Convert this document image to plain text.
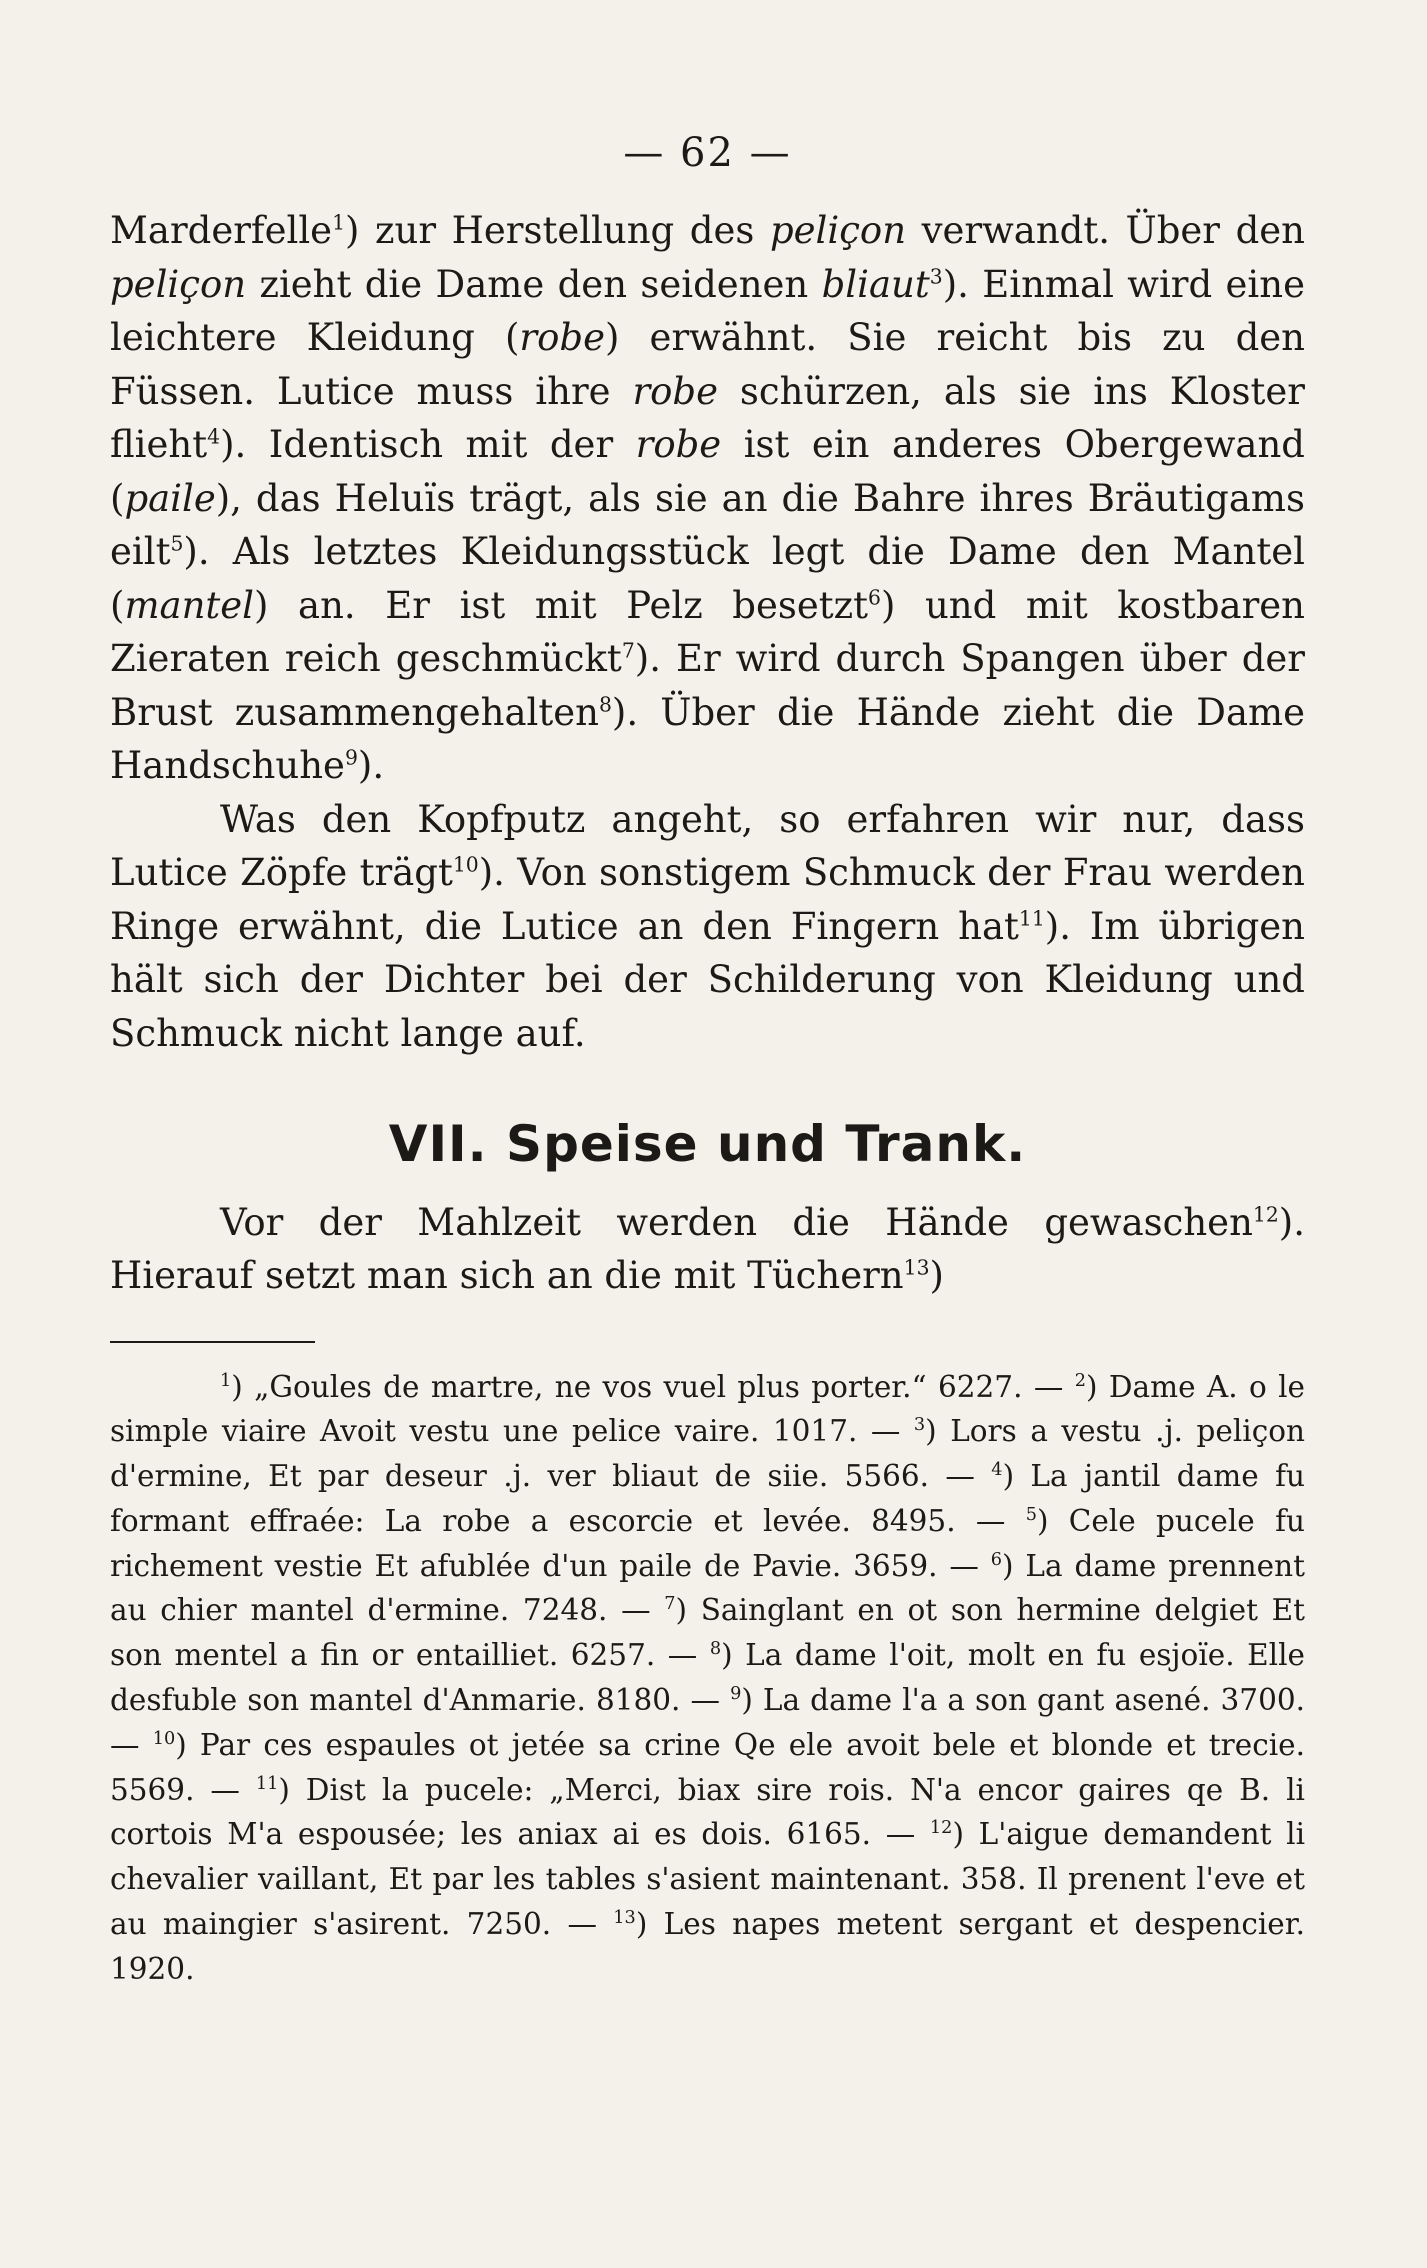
— 62 —

Marderfelle$^1$) zur Herstellung des peliçon verwandt. Über den peliçon zieht die Dame den seidenen bliaut$^3$). Einmal wird eine leichtere Kleidung (robe) erwähnt. Sie reicht bis zu den Füssen. Lutice muss ihre robe schürzen, als sie ins Kloster flieht$^4$). Identisch mit der robe ist ein anderes Obergewand (paile), das Heluïs trägt, als sie an die Bahre ihres Bräutigams eilt$^5$). Als letztes Kleidungsstück legt die Dame den Mantel (mantel) an. Er ist mit Pelz besetzt$^6$) und mit kostbaren Zieraten reich geschmückt$^7$). Er wird durch Spangen über der Brust zusammengehalten$^8$). Über die Hände zieht die Dame Handschuhe$^9$).

Was den Kopfputz angeht, so erfahren wir nur, dass Lutice Zöpfe trägt$^{10}$). Von sonstigem Schmuck der Frau werden Ringe erwähnt, die Lutice an den Fingern hat$^{11}$). Im übrigen hält sich der Dichter bei der Schilderung von Kleidung und Schmuck nicht lange auf.

VII. Speise und Trank.

Vor der Mahlzeit werden die Hände gewaschen$^{12}$). Hierauf setzt man sich an die mit Tüchern$^{13}$)

$^1$) „Goules de martre, ne vos vuel plus porter.“ 6227. — $^2$) Dame A. o le simple viaire Avoit vestu une pelice vaire. 1017. — $^3$) Lors a vestu .j. peliçon d'ermine, Et par deseur .j. ver bliaut de siie. 5566. — $^4$) La jantil dame fu formant effraée: La robe a escorcie et levée. 8495. — $^5$) Cele pucele fu richement vestie Et afublée d'un paile de Pavie. 3659. — $^6$) La dame prennent au chier mantel d'ermine. 7248. — $^7$) Sainglant en ot son hermine delgiet Et son mentel a fin or entailliet. 6257. — $^8$) La dame l'oit, molt en fu esjoïe. Elle desfuble son mantel d'Anmarie. 8180. — $^9$) La dame l'a a son gant asené. 3700. — $^{10}$) Par ces espaules ot jetée sa crine Qe ele avoit bele et blonde et trecie. 5569. — $^{11}$) Dist la pucele: „Merci, biax sire rois. N'a encor gaires qe B. li cortois M'a espousée; les aniax ai es dois. 6165. — $^{12}$) L'aigue demandent li chevalier vaillant, Et par les tables s'asient maintenant. 358. Il prenent l'eve et au maingier s'asirent. 7250. — $^{13}$) Les napes metent sergant et despencier. 1920.
